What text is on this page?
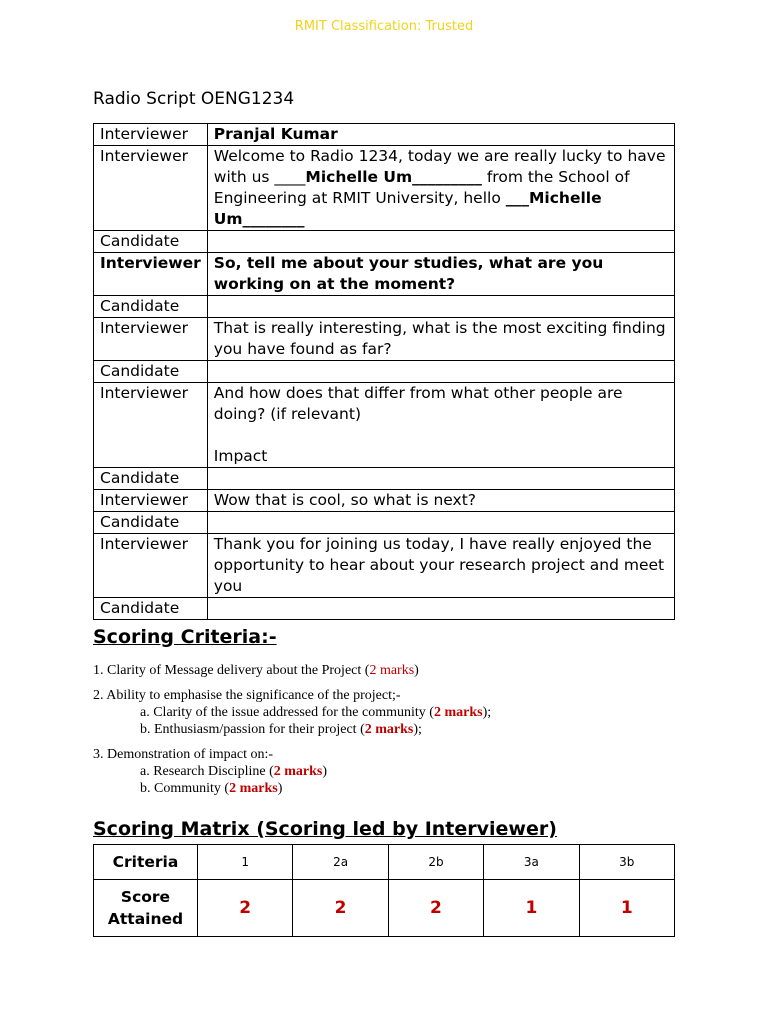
RMIT Classification: Trusted
Radio Script OENG1234
Interviewer	Pranjal Kumar
Interviewer	Welcome to Radio 1234, today we are really lucky to have with us ____Michelle Um_________ from the School of Engineering at RMIT University, hello ___Michelle Um________
Candidate	
Interviewer	So, tell me about your studies, what are you working on at the moment?
Candidate	
Interviewer	That is really interesting, what is the most exciting finding you have found as far?
Candidate	
Interviewer	And how does that differ from what other people are doing? (if relevant)
Impact

Candidate	
Interviewer	Wow that is cool, so what is next?
Candidate	
Interviewer	Thank you for joining us today, I have really enjoyed the opportunity to hear about your research project and meet you
Candidate	
Scoring Criteria:-
1. Clarity of Message delivery about the Project (2 marks)
2. Ability to emphasise the significance of the project;-
a. Clarity of the issue addressed for the community (2 marks);
b. Enthusiasm/passion for their project (2 marks);
3. Demonstration of impact on:-
a. Research Discipline (2 marks)
b. Community (2 marks)
Scoring Matrix (Scoring led by Interviewer)
Criteria	1	2a	2b	3a	3b
Score Attained	2	2	2	1	1
